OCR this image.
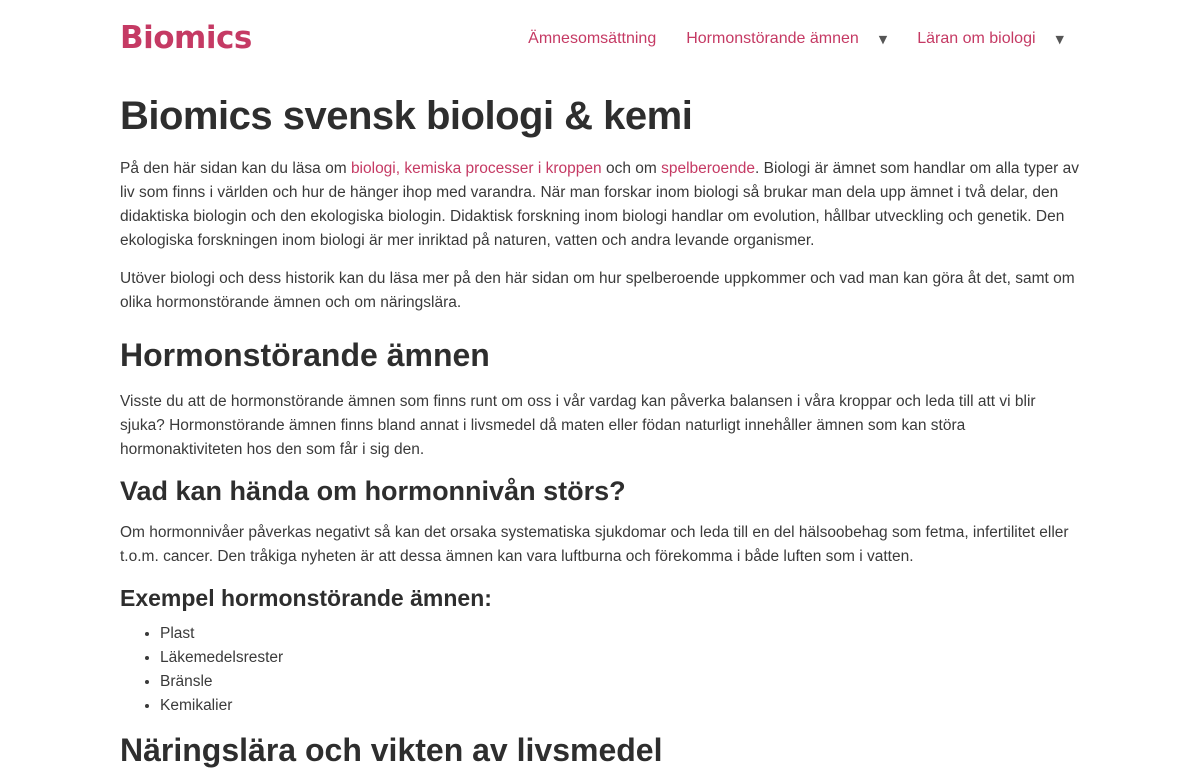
Biomics	Ämnesomsättning Hormonstörande ämnen ▼ Läran om biologi ▼
Biomics svensk biologi & kemi

På den här sidan kan du läsa om biologi, kemiska processer i kroppen och om spelberoende. Biologi är ämnet som handlar om alla typer av liv som finns i världen och hur de hänger ihop med varandra. När man forskar inom biologi så brukar man dela upp ämnet i två delar, den didaktiska biologin och den ekologiska biologin. Didaktisk forskning inom biologi handlar om evolution, hållbar utveckling och genetik. Den ekologiska forskningen inom biologi är mer inriktad på naturen, vatten och andra levande organismer.

Utöver biologi och dess historik kan du läsa mer på den här sidan om hur spelberoende uppkommer och vad man kan göra åt det, samt om olika hormonstörande ämnen och om näringslära.

Hormonstörande ämnen

Visste du att de hormonstörande ämnen som finns runt om oss i vår vardag kan påverka balansen i våra kroppar och leda till att vi blir sjuka? Hormonstörande ämnen finns bland annat i livsmedel då maten eller födan naturligt innehåller ämnen som kan störa hormonaktiviteten hos den som får i sig den.

Vad kan hända om hormonnivån störs?

Om hormonnivåer påverkas negativt så kan det orsaka systematiska sjukdomar och leda till en del hälsoobehag som fetma, infertilitet eller t.o.m. cancer. Den tråkiga nyheten är att dessa ämnen kan vara luftburna och förekomma i både luften som i vatten.

Exempel hormonstörande ämnen:
• Plast
• Läkemedelsrester
• Bränsle
• Kemikalier
Näringslära och vikten av livsmedel
